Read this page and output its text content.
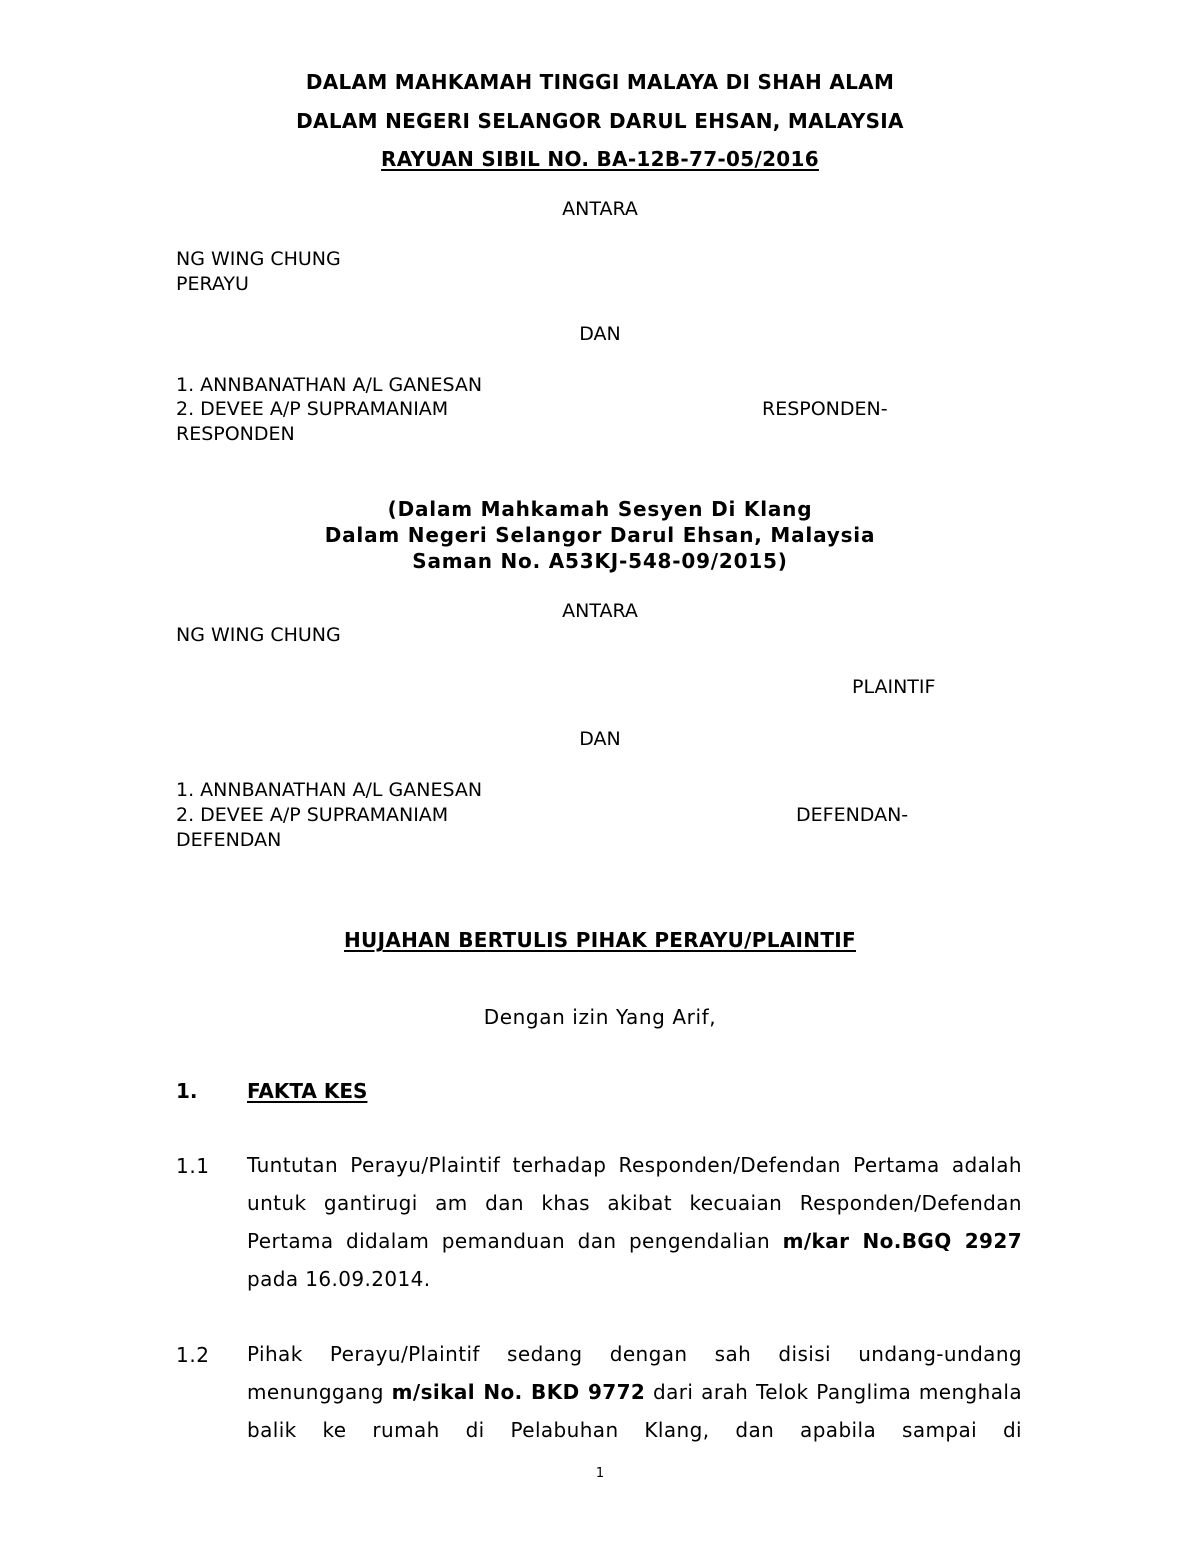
DALAM MAHKAMAH TINGGI MALAYA DI SHAH ALAM
DALAM NEGERI SELANGOR DARUL EHSAN, MALAYSIA
RAYUAN SIBIL NO. BA-12B-77-05/2016
ANTARA
NG WING CHUNG
PERAYU
DAN
1. ANNBANATHAN A/L GANESAN
2. DEVEE A/P SUPRAMANIAM	RESPONDEN-
RESPONDEN
(Dalam Mahkamah Sesyen Di Klang
Dalam Negeri Selangor Darul Ehsan, Malaysia
Saman No. A53KJ-548-09/2015)
ANTARA
NG WING CHUNG
PLAINTIF
DAN
1. ANNBANATHAN A/L GANESAN
2. DEVEE A/P SUPRAMANIAM	DEFENDAN-
DEFENDAN
HUJAHAN BERTULIS PIHAK PERAYU/PLAINTIF
Dengan izin Yang Arif,
1. FAKTA KES
1.1 Tuntutan Perayu/Plaintif terhadap Responden/Defendan Pertama adalah untuk gantirugi am dan khas akibat kecuaian Responden/Defendan Pertama didalam pemanduan dan pengendalian m/kar No.BGQ 2927 pada 16.09.2014.
1.2 Pihak Perayu/Plaintif sedang dengan sah disisi undang-undang menunggang m/sikal No. BKD 9772 dari arah Telok Panglima menghala balik ke rumah di Pelabuhan Klang, dan apabila sampai di
1
